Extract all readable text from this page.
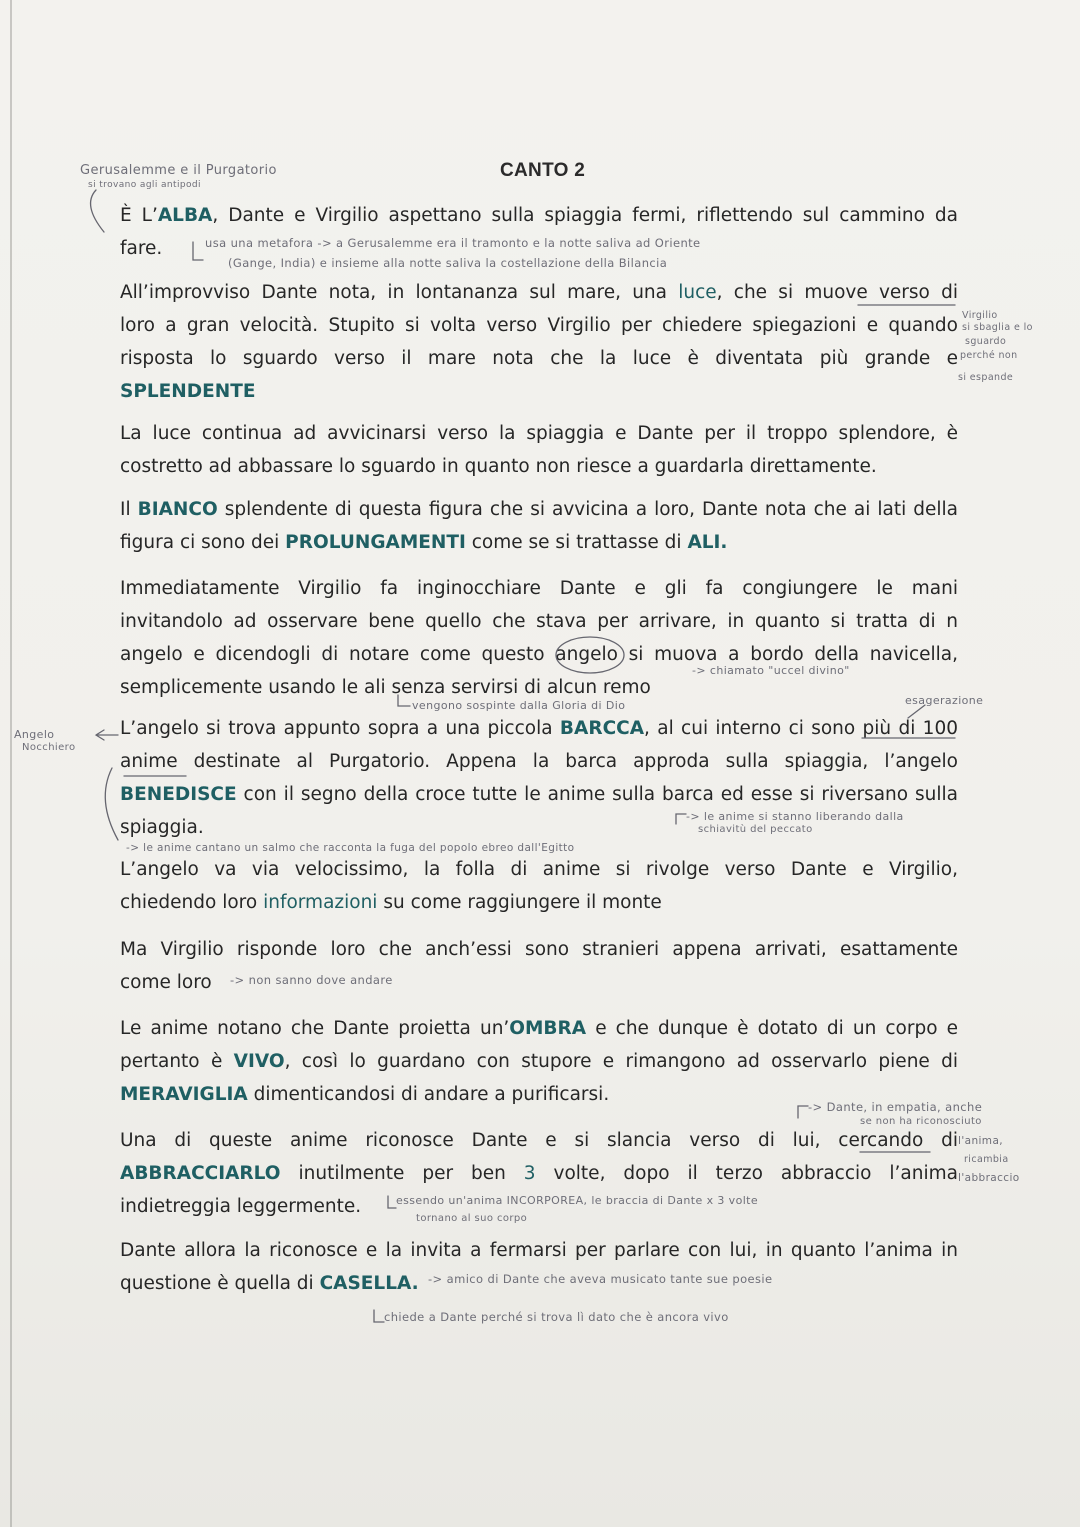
CANTO 2
È L’ALBA, Dante e Virgilio aspettano sulla spiaggia fermi, riflettendo sul cammino da
fare.
All’improvviso Dante nota, in lontananza sul mare, una luce, che si muove verso di
loro a gran velocità. Stupito si volta verso Virgilio per chiedere spiegazioni e quando
risposta lo sguardo verso il mare nota che la luce è diventata più grande e
SPLENDENTE
La luce continua ad avvicinarsi verso la spiaggia e Dante per il troppo splendore, è
costretto ad abbassare lo sguardo in quanto non riesce a guardarla direttamente.
Il BIANCO splendente di questa figura che si avvicina a loro, Dante nota che ai lati della
figura ci sono dei PROLUNGAMENTI come se si trattasse di ALI.
Immediatamente Virgilio fa inginocchiare Dante e gli fa congiungere le mani
invitandolo ad osservare bene quello che stava per arrivare, in quanto si tratta di n
angelo e dicendogli di notare come questo angelo si muova a bordo della navicella,
semplicemente usando le ali senza servirsi di alcun remo
L’angelo si trova appunto sopra a una piccola BARCCA, al cui interno ci sono più di 100
anime destinate al Purgatorio. Appena la barca approda sulla spiaggia, l’angelo
BENEDISCE con il segno della croce tutte le anime sulla barca ed esse si riversano sulla
spiaggia.
L’angelo va via velocissimo, la folla di anime si rivolge verso Dante e Virgilio,
chiedendo loro informazioni su come raggiungere il monte
Ma Virgilio risponde loro che anch’essi sono stranieri appena arrivati, esattamente
come loro
Le anime notano che Dante proietta un’OMBRA e che dunque è dotato di un corpo e
pertanto è VIVO, così lo guardano con stupore e rimangono ad osservarlo piene di
MERAVIGLIA dimenticandosi di andare a purificarsi.
Una di queste anime riconosce Dante e si slancia verso di lui, cercando di
ABBRACCIARLO inutilmente per ben 3 volte, dopo il terzo abbraccio l’anima
indietreggia leggermente.
Dante allora la riconosce e la invita a fermarsi per parlare con lui, in quanto l’anima in
questione è quella di CASELLA.
Gerusalemme e il Purgatorio
si trovano agli antipodi
usa una metafora -> a Gerusalemme era il tramonto e la notte saliva ad Oriente
(Gange, India) e insieme alla notte saliva la costellazione della Bilancia
Virgilio
si sbaglia e lo
sguardo
perché non
si espande
-> chiamato "uccel divino"
vengono sospinte dalla Gloria di Dio	esagerazione
Angelo
Nocchiero
-> le anime si stanno liberando dalla
schiavitù del peccato
-> le anime cantano un salmo che racconta la fuga del popolo ebreo dall'Egitto
-> non sanno dove andare
-> Dante, in empatia, anche
se non ha riconosciuto
l'anima,
ricambia
l'abbraccio
essendo un'anima INCORPOREA, le braccia di Dante x 3 volte
tornano al suo corpo
-> amico di Dante che aveva musicato tante sue poesie
chiede a Dante perché si trova lì dato che è ancora vivo
